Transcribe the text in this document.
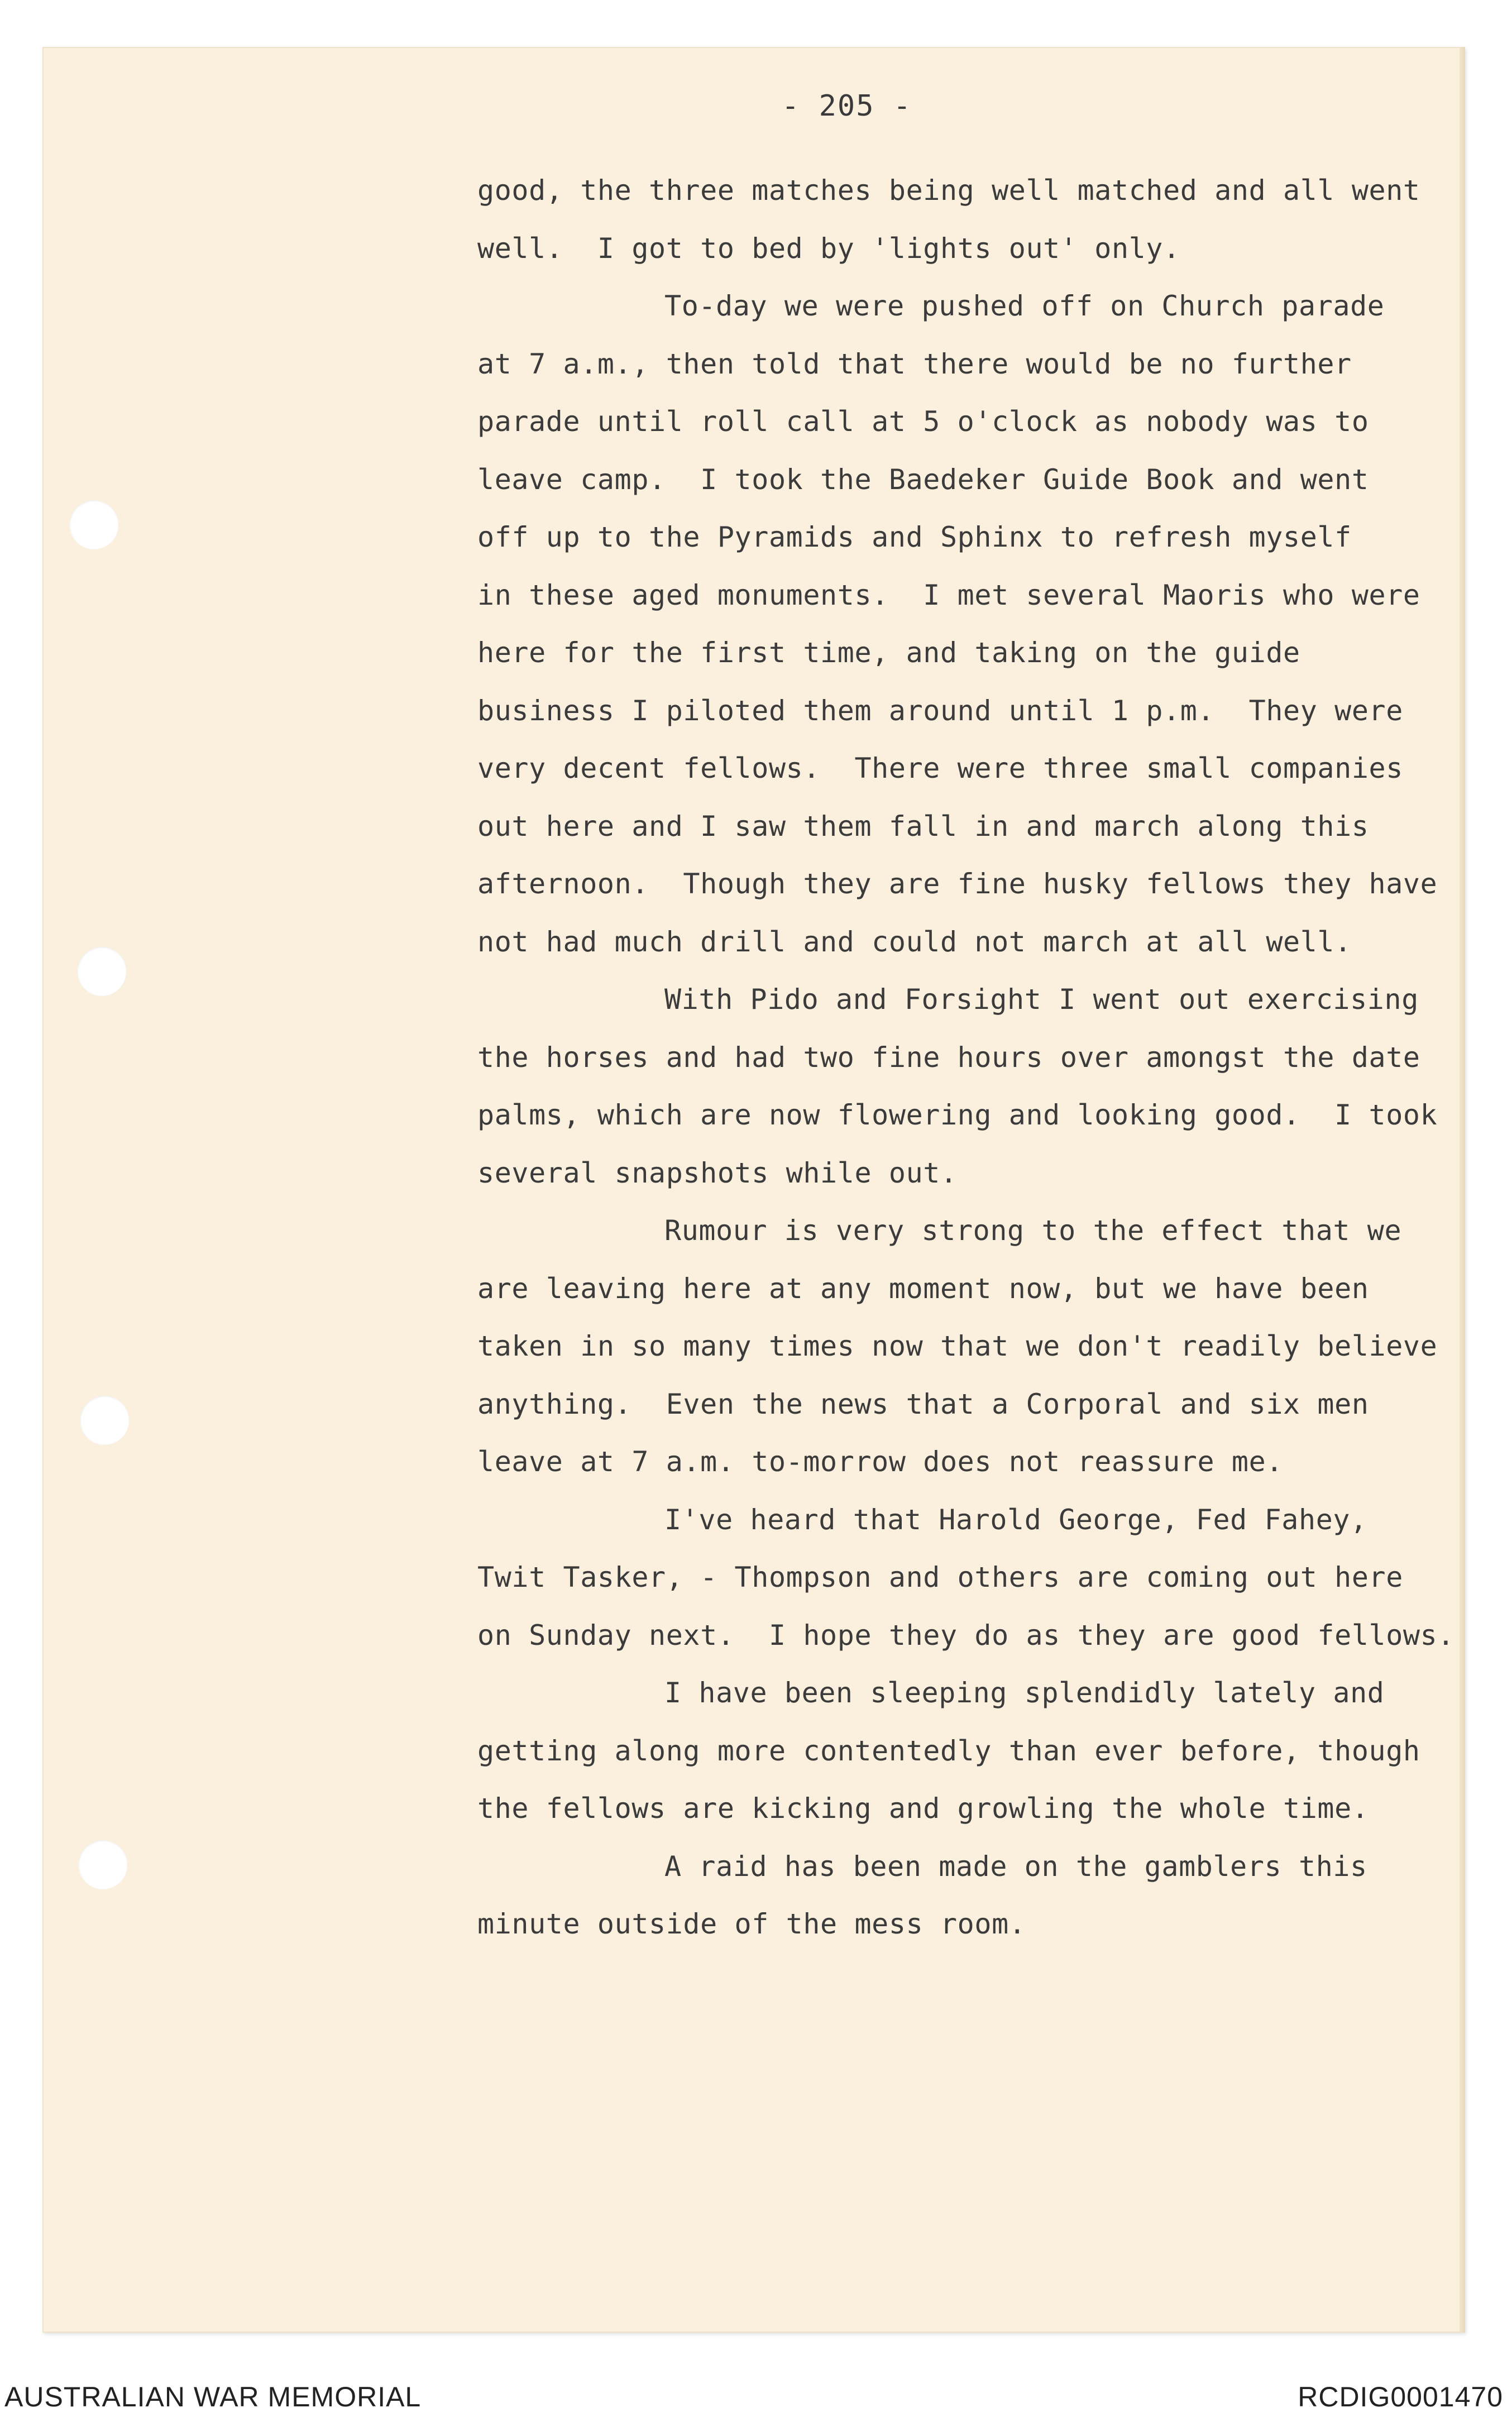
- 205 -
good, the three matches being well matched and all went
well.  I got to bed by 'lights out' only.
To-day we were pushed off on Church parade
at 7 a.m., then told that there would be no further
parade until roll call at 5 o'clock as nobody was to
leave camp.  I took the Baedeker Guide Book and went
off up to the Pyramids and Sphinx to refresh myself
in these aged monuments.  I met several Maoris who were
here for the first time, and taking on the guide
business I piloted them around until 1 p.m.  They were
very decent fellows.  There were three small companies
out here and I saw them fall in and march along this
afternoon.  Though they are fine husky fellows they have
not had much drill and could not march at all well.
With Pido and Forsight I went out exercising
the horses and had two fine hours over amongst the date
palms, which are now flowering and looking good.  I took
several snapshots while out.
Rumour is very strong to the effect that we
are leaving here at any moment now, but we have been
taken in so many times now that we don't readily believe
anything.  Even the news that a Corporal and six men
leave at 7 a.m. to-morrow does not reassure me.
I've heard that Harold George, Fed Fahey,
Twit Tasker, - Thompson and others are coming out here
on Sunday next.  I hope they do as they are good fellows.
I have been sleeping splendidly lately and
getting along more contentedly than ever before, though
the fellows are kicking and growling the whole time.
A raid has been made on the gamblers this
minute outside of the mess room.
AUSTRALIAN WAR MEMORIAL	RCDIG0001470
